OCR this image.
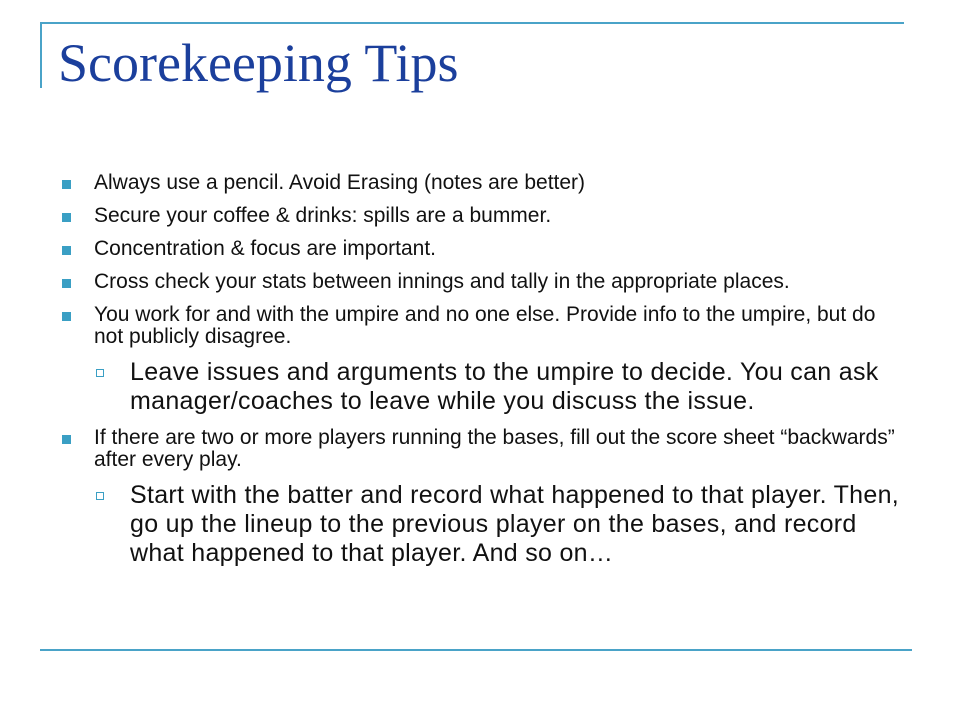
Scorekeeping Tips
Always use a pencil. Avoid Erasing (notes are better)
Secure your coffee & drinks: spills are a bummer.
Concentration & focus are important.
Cross check your stats between innings and tally in the appropriate places.
You work for and with the umpire and no one else. Provide info to the umpire, but do not publicly disagree.
Leave issues and arguments to the umpire to decide. You can ask manager/coaches to leave while you discuss the issue.
If there are two or more players running the bases, fill out the score sheet “backwards” after every play.
Start with the batter and record what happened to that player. Then, go up the lineup to the previous player on the bases, and record what happened to that player. And so on…
